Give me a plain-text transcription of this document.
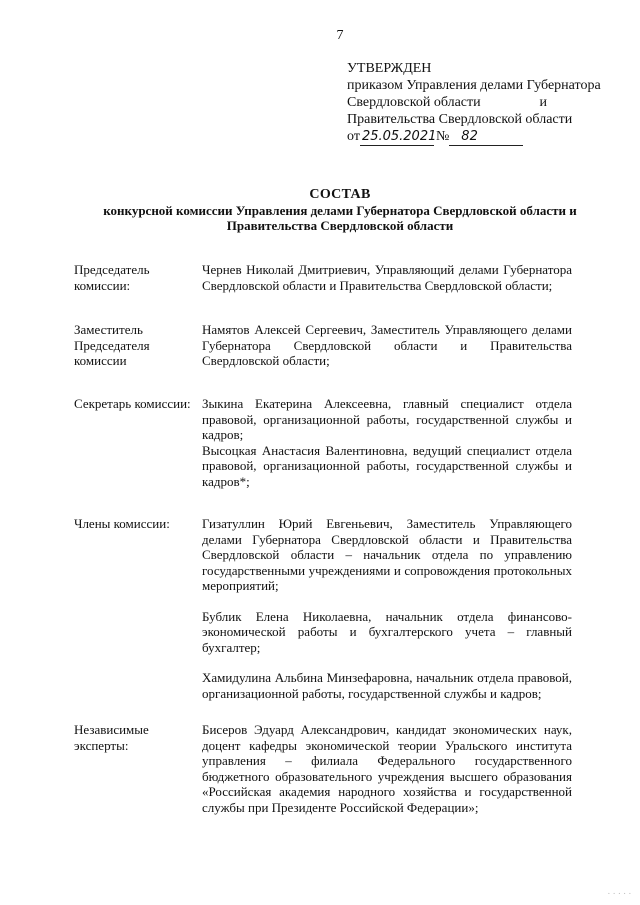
7
УТВЕРЖДЕН
приказом Управления делами Губернатора
Свердловской области	и
Правительства Свердловской области
от 25.05.2021 № 82
СОСТАВ
конкурсной комиссии Управления делами Губернатора Свердловской области и Правительства Свердловской области
Председатель комиссии:

Чернев Николай Дмитриевич, Управляющий делами Губернатора Свердловской области и Правительства Свердловской области;

Заместитель Председателя комиссии

Намятов Алексей Сергеевич, Заместитель Управляющего делами Губернатора Свердловской области и Правительства Свердловской области;

Секретарь комиссии: Зыкина Екатерина Алексеевна, главный специалист отдела правовой, организационной работы, государственной службы и кадров;

Высоцкая Анастасия Валентиновна, ведущий специалист отдела правовой, организационной работы, государственной службы и кадров*;

Члены комиссии:	Гизатуллин Юрий Евгеньевич, Заместитель Управляющего делами Губернатора Свердловской области и Правительства Свердловской области – начальник отдела по управлению государственными учреждениями и сопровождения протокольных мероприятий;

Бублик Елена Николаевна, начальник отдела финансово-экономической работы и бухгалтерского учета – главный бухгалтер;

Хамидулина Альбина Минзефаровна, начальник отдела правовой, организационной работы, государственной службы и кадров;

Независимые эксперты:

Бисеров Эдуард Александрович, кандидат экономических наук, доцент кафедры экономической теории Уральского института управления – филиала Федерального государственного бюджетного образовательного учреждения высшего образования «Российская академия народного хозяйства и государственной службы при Президенте Российской Федерации»;

.....
